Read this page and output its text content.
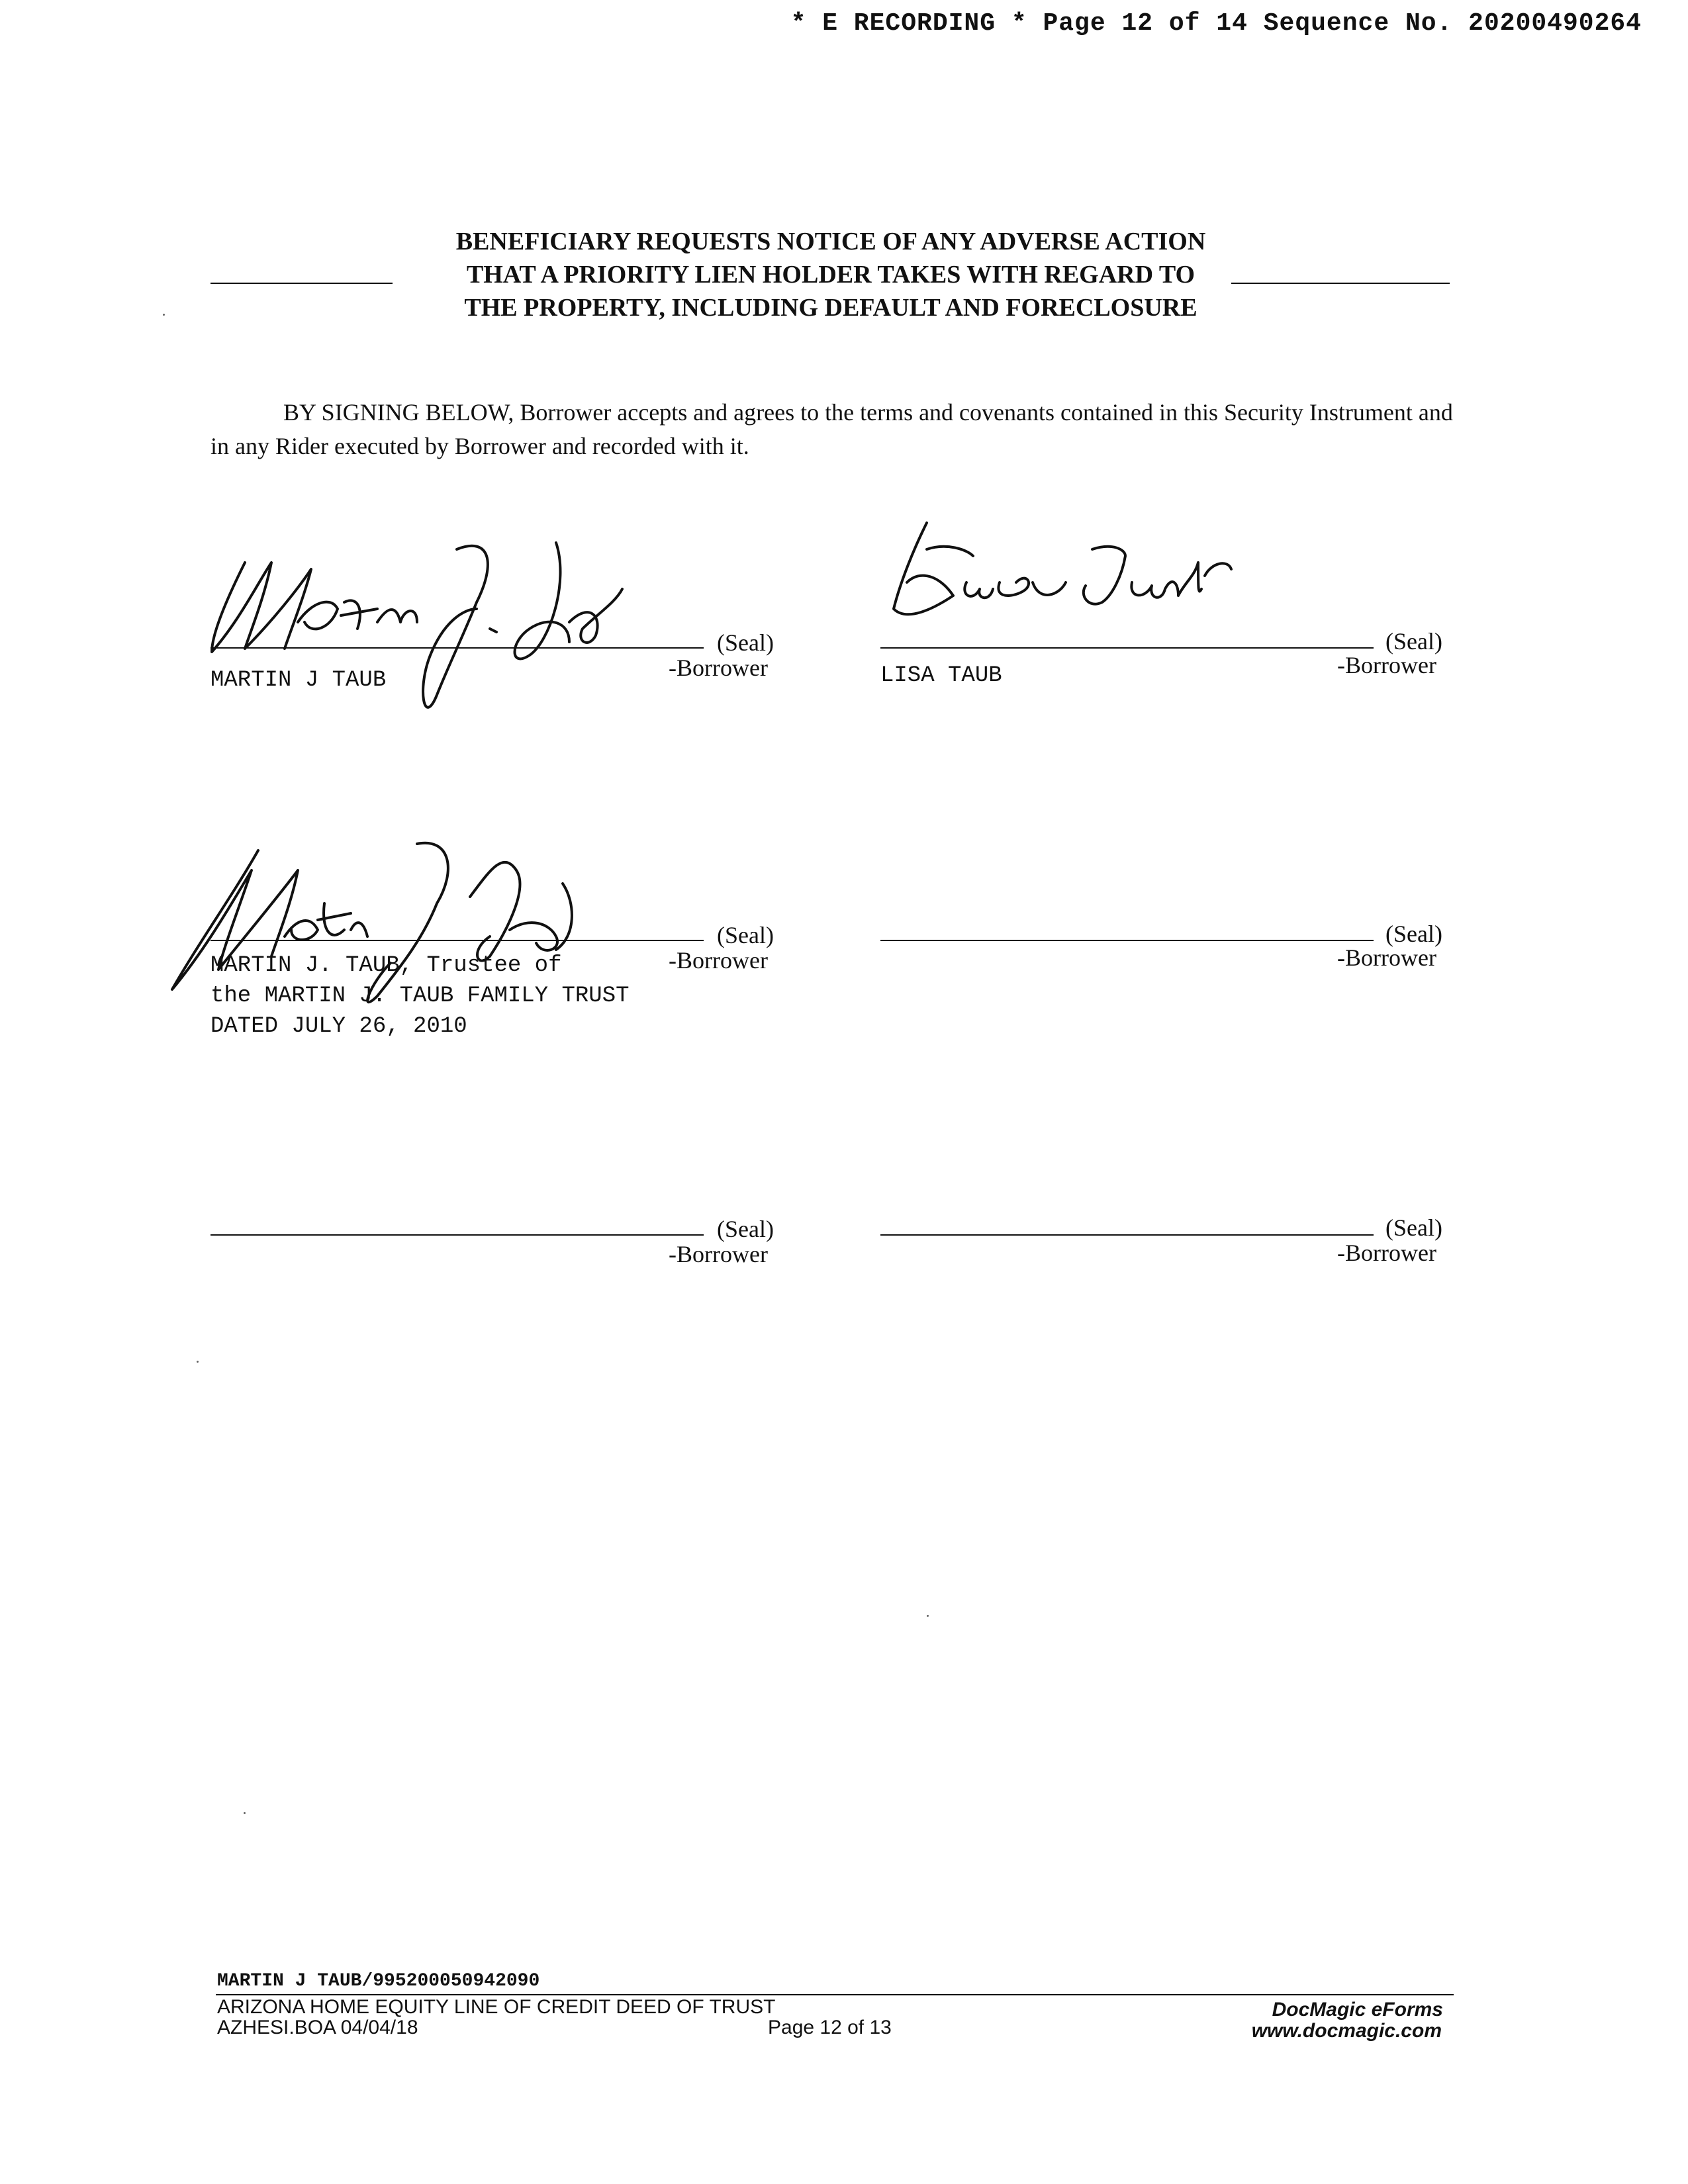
* E RECORDING * Page 12 of 14 Sequence No. 20200490264
BENEFICIARY REQUESTS NOTICE OF ANY ADVERSE ACTION
THAT A PRIORITY LIEN HOLDER TAKES WITH REGARD TO
THE PROPERTY, INCLUDING DEFAULT AND FORECLOSURE
BY SIGNING BELOW, Borrower accepts and agrees to the terms and covenants contained in this Security Instrument and in any Rider executed by Borrower and recorded with it.
(Seal)
-Borrower
MARTIN J TAUB
(Seal)
-Borrower
LISA TAUB
(Seal)
-Borrower
MARTIN J. TAUB, Trustee of
the MARTIN J. TAUB FAMILY TRUST
DATED JULY 26, 2010
(Seal)
-Borrower
(Seal)
-Borrower
(Seal)
-Borrower
MARTIN J TAUB/995200050942090
ARIZONA HOME EQUITY LINE OF CREDIT DEED OF TRUST
AZHESI.BOA 04/04/18	Page 12 of 13
DocMagic eForms
www.docmagic.com
